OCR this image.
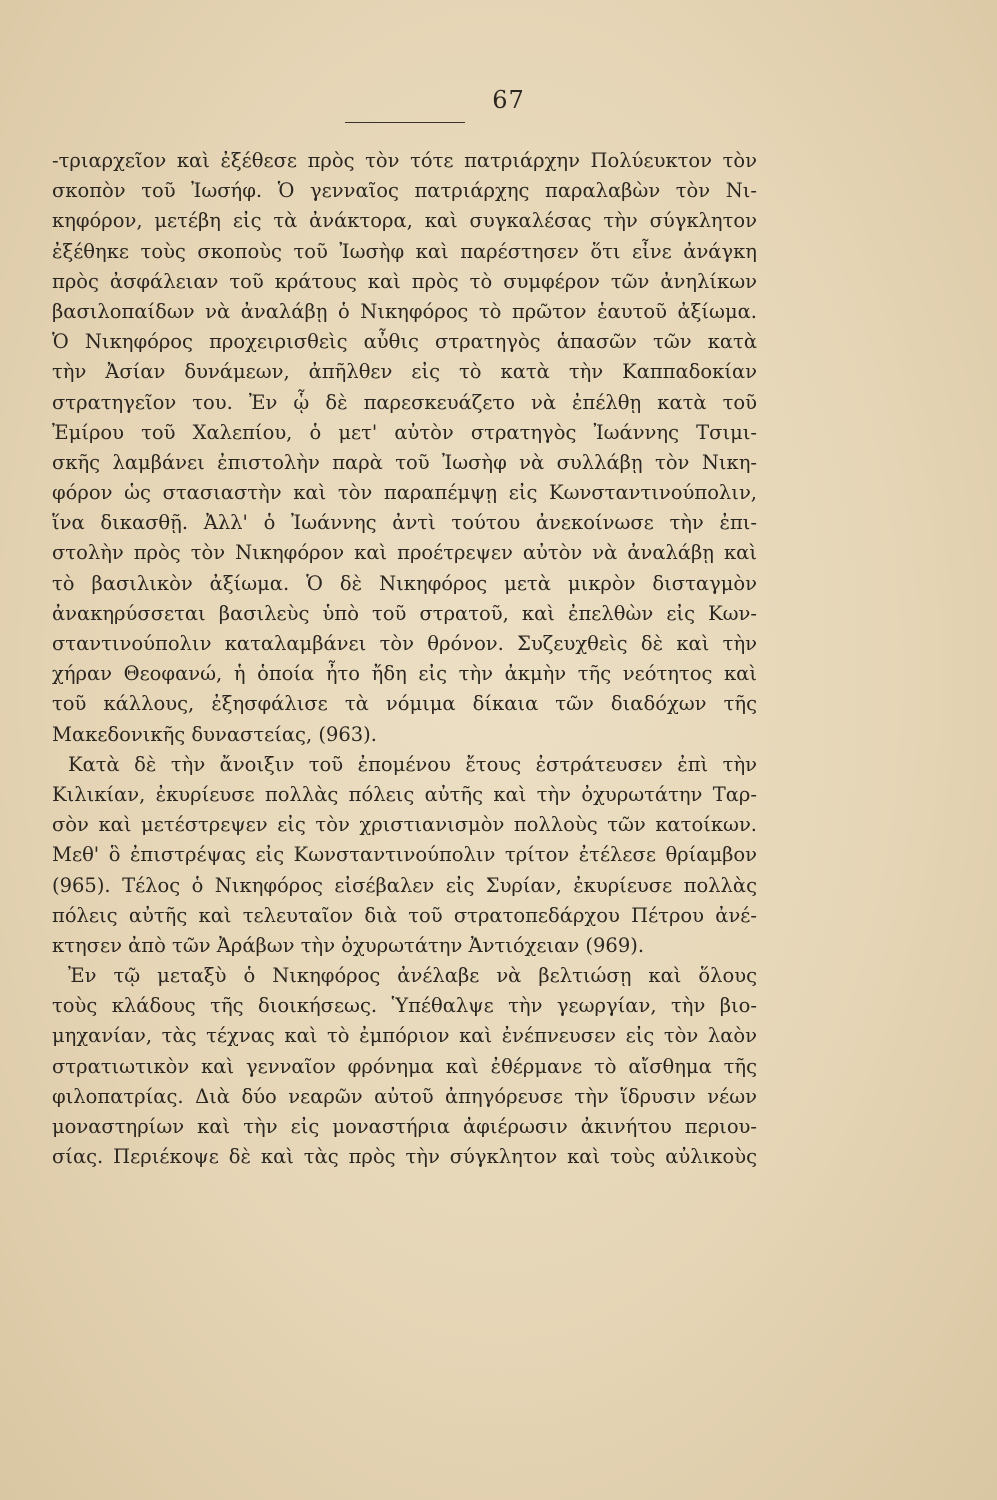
67
-τριαρχεῖον καὶ ἐξέθεσε πρὸς τὸν τότε πατριάρχην Πολύευκτον τὸν
σκοπὸν τοῦ Ἰωσήφ. Ὁ γενναῖος πατριάρχης παραλαβὼν τὸν Νι-
κηφόρον, μετέβη εἰς τὰ ἀνάκτορα, καὶ συγκαλέσας τὴν σύγκλητον
ἐξέθηκε τοὺς σκοποὺς τοῦ Ἰωσὴφ καὶ παρέστησεν ὅτι εἶνε ἀνάγκη
πρὸς ἀσφάλειαν τοῦ κράτους καὶ πρὸς τὸ συμφέρον τῶν ἀνηλίκων
βασιλοπαίδων νὰ ἀναλάβῃ ὁ Νικηφόρος τὸ πρῶτον ἑαυτοῦ ἀξίωμα.
Ὁ Νικηφόρος προχειρισθεὶς αὖθις στρατηγὸς ἁπασῶν τῶν κατὰ
τὴν Ἀσίαν δυνάμεων, ἀπῆλθεν εἰς τὸ κατὰ τὴν Καππαδοκίαν
στρατηγεῖον του. Ἐν ᾧ δὲ παρεσκευάζετο νὰ ἐπέλθῃ κατὰ τοῦ
Ἐμίρου τοῦ Χαλεπίου, ὁ μετ' αὐτὸν στρατηγὸς Ἰωάννης Τσιμι-
σκῆς λαμβάνει ἐπιστολὴν παρὰ τοῦ Ἰωσὴφ νὰ συλλάβῃ τὸν Νικη-
φόρον ὡς στασιαστὴν καὶ τὸν παραπέμψῃ εἰς Κωνσταντινούπολιν,
ἵνα δικασθῇ. Ἀλλ' ὁ Ἰωάννης ἀντὶ τούτου ἀνεκοίνωσε τὴν ἐπι-
στολὴν πρὸς τὸν Νικηφόρον καὶ προέτρεψεν αὐτὸν νὰ ἀναλάβῃ καὶ
τὸ βασιλικὸν ἀξίωμα. Ὁ δὲ Νικηφόρος μετὰ μικρὸν δισταγμὸν
ἀνακηρύσσεται βασιλεὺς ὑπὸ τοῦ στρατοῦ, καὶ ἐπελθὼν εἰς Κων-
σταντινούπολιν καταλαμβάνει τὸν θρόνον. Συζευχθεὶς δὲ καὶ τὴν
χήραν Θεοφανώ, ἡ ὁποία ἦτο ἤδη εἰς τὴν ἀκμὴν τῆς νεότητος καὶ
τοῦ κάλλους, ἐξησφάλισε τὰ νόμιμα δίκαια τῶν διαδόχων τῆς
Μακεδονικῆς δυναστείας, (963).
Κατὰ δὲ τὴν ἄνοιξιν τοῦ ἐπομένου ἔτους ἐστράτευσεν ἐπὶ τὴν
Κιλικίαν, ἐκυρίευσε πολλὰς πόλεις αὐτῆς καὶ τὴν ὀχυρωτάτην Ταρ-
σὸν καὶ μετέστρεψεν εἰς τὸν χριστιανισμὸν πολλοὺς τῶν κατοίκων.
Μεθ' ὃ ἐπιστρέψας εἰς Κωνσταντινούπολιν τρίτον ἐτέλεσε θρίαμβον
(965). Τέλος ὁ Νικηφόρος εἰσέβαλεν εἰς Συρίαν, ἐκυρίευσε πολλὰς
πόλεις αὐτῆς καὶ τελευταῖον διὰ τοῦ στρατοπεδάρχου Πέτρου ἀνέ-
κτησεν ἀπὸ τῶν Ἀράβων τὴν ὀχυρωτάτην Ἀντιόχειαν (969).
Ἐν τῷ μεταξὺ ὁ Νικηφόρος ἀνέλαβε νὰ βελτιώσῃ καὶ ὅλους
τοὺς κλάδους τῆς διοικήσεως. Ὑπέθαλψε τὴν γεωργίαν, τὴν βιο-
μηχανίαν, τὰς τέχνας καὶ τὸ ἐμπόριον καὶ ἐνέπνευσεν εἰς τὸν λαὸν
στρατιωτικὸν καὶ γενναῖον φρόνημα καὶ ἐθέρμανε τὸ αἴσθημα τῆς
φιλοπατρίας. Διὰ δύο νεαρῶν αὐτοῦ ἀπηγόρευσε τὴν ἵδρυσιν νέων
μοναστηρίων καὶ τὴν εἰς μοναστήρια ἀφιέρωσιν ἀκινήτου περιου-
σίας. Περιέκοψε δὲ καὶ τὰς πρὸς τὴν σύγκλητον καὶ τοὺς αὐλικοὺς
